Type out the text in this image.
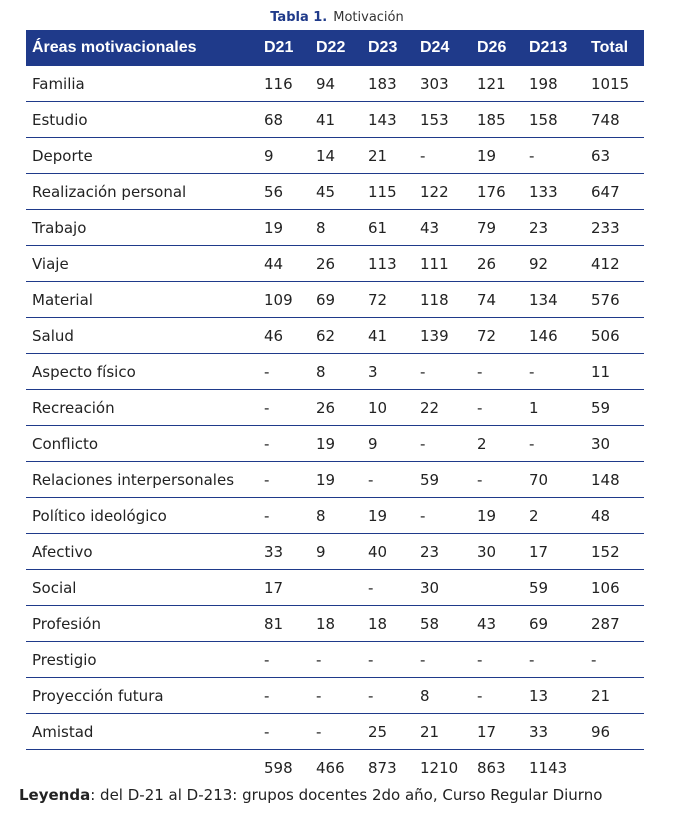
Tabla 1. Motivación
Áreas motivacionales	D21	D22	D23	D24	D26	D213	Total
Familia	116	94	183	303	121	198	1015
Estudio	68	41	143	153	185	158	748
Deporte	9	14	21	-	19	-	63
Realización personal	56	45	115	122	176	133	647
Trabajo	19	8	61	43	79	23	233
Viaje	44	26	113	111	26	92	412
Material	109	69	72	118	74	134	576
Salud	46	62	41	139	72	146	506
Aspecto físico	-	8	3	-	-	-	11
Recreación	-	26	10	22	-	1	59
Conflicto	-	19	9	-	2	-	30
Relaciones interpersonales	-	19	-	59	-	70	148
Político ideológico	-	8	19	-	19	2	48
Afectivo	33	9	40	23	30	17	152
Social	17		-	30		59	106
Profesión	81	18	18	58	43	69	287
Prestigio	-	-	-	-	-	-	-
Proyección futura	-	-	-	8	-	13	21
Amistad	-	-	25	21	17	33	96
	598	466	873	1210	863	1143	
Leyenda: del D-21 al D-213: grupos docentes 2do año, Curso Regular Diurno
